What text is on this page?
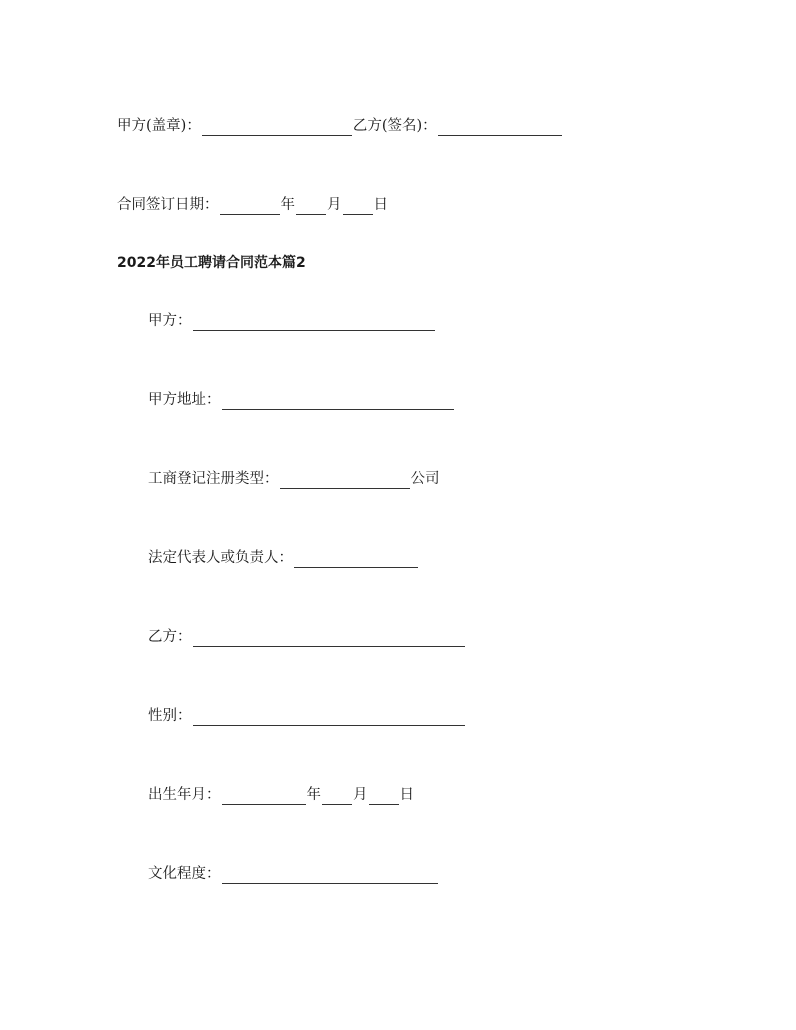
甲方(盖章)：	乙方(签名)：
合同签订日期：	年 月 日
2022年员工聘请合同范本篇2
甲方：
甲方地址：
工商登记注册类型：	公司
法定代表人或负责人：
乙方：
性别：
出生年月：	年 月 日
文化程度：
